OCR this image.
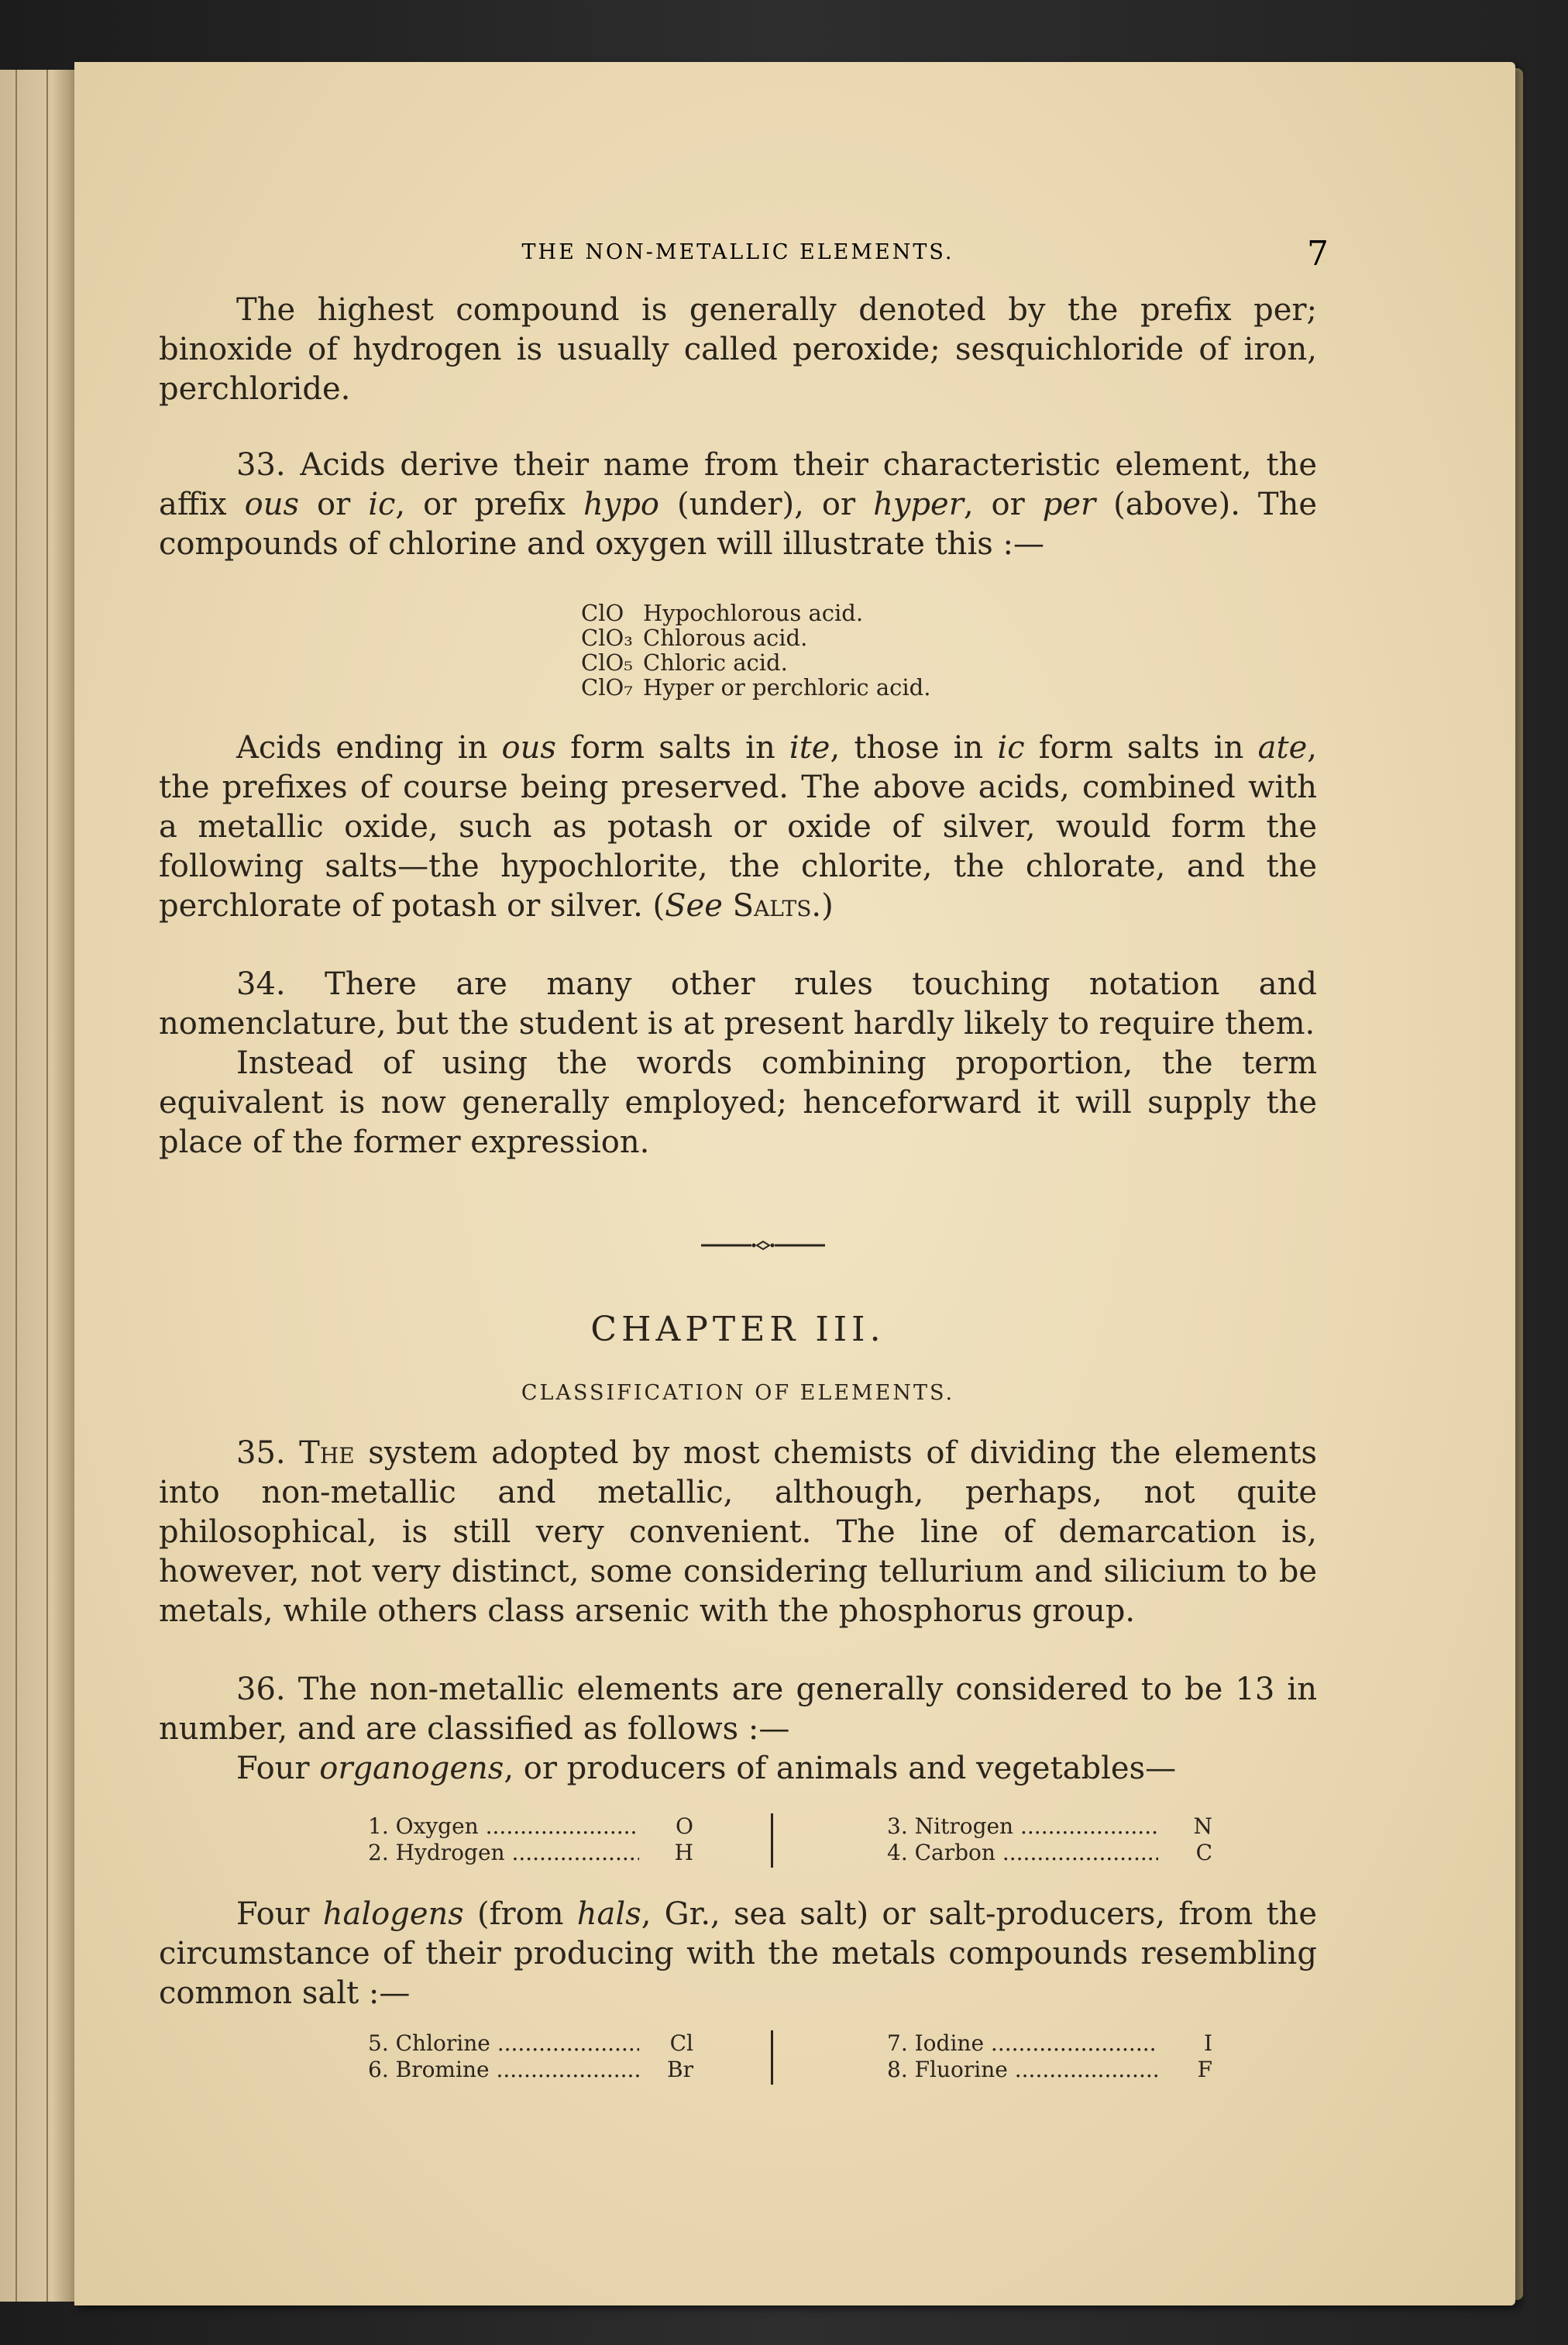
THE NON-METALLIC ELEMENTS.	7

The highest compound is generally denoted by the prefix per; binoxide of hydrogen is usually called peroxide; sesquichloride of iron, perchloride.

33. Acids derive their name from their characteristic element, the affix ous or ic, or prefix hypo (under), or hyper, or per (above). The compounds of chlorine and oxygen will illustrate this :—

ClO Hypochlorous acid.
ClO₃ Chlorous acid.
ClO₅ Chloric acid.
ClO₇ Hyper or perchloric acid.

Acids ending in ous form salts in ite, those in ic form salts in ate, the prefixes of course being preserved. The above acids, combined with a metallic oxide, such as potash or oxide of silver, would form the following salts—the hypochlorite, the chlorite, the chlorate, and the perchlorate of potash or silver. (See Salts.)

34. There are many other rules touching notation and nomenclature, but the student is at present hardly likely to require them.

Instead of using the words combining proportion, the term equivalent is now generally employed; henceforward it will supply the place of the former expression.

CHAPTER III.
CLASSIFICATION OF ELEMENTS.

35. The system adopted by most chemists of dividing the elements into non-metallic and metallic, although, perhaps, not quite philosophical, is still very convenient. The line of demarcation is, however, not very distinct, some considering tellurium and silicium to be metals, while others class arsenic with the phosphorus group.

36. The non-metallic elements are generally considered to be 13 in number, and are classified as follows :—

Four organogens, or producers of animals and vegetables—

1. Oxygen .....	O
2. Hydrogen .....	H
3. Nitrogen .....	N
4. Carbon .....	C

Four halogens (from hals, Gr., sea salt) or salt-producers, from the circumstance of their producing with the metals compounds resembling common salt :—

5. Chlorine .....	Cl
6. Bromine .....	Br
7. Iodine .....	I
8. Fluorine .....	F
